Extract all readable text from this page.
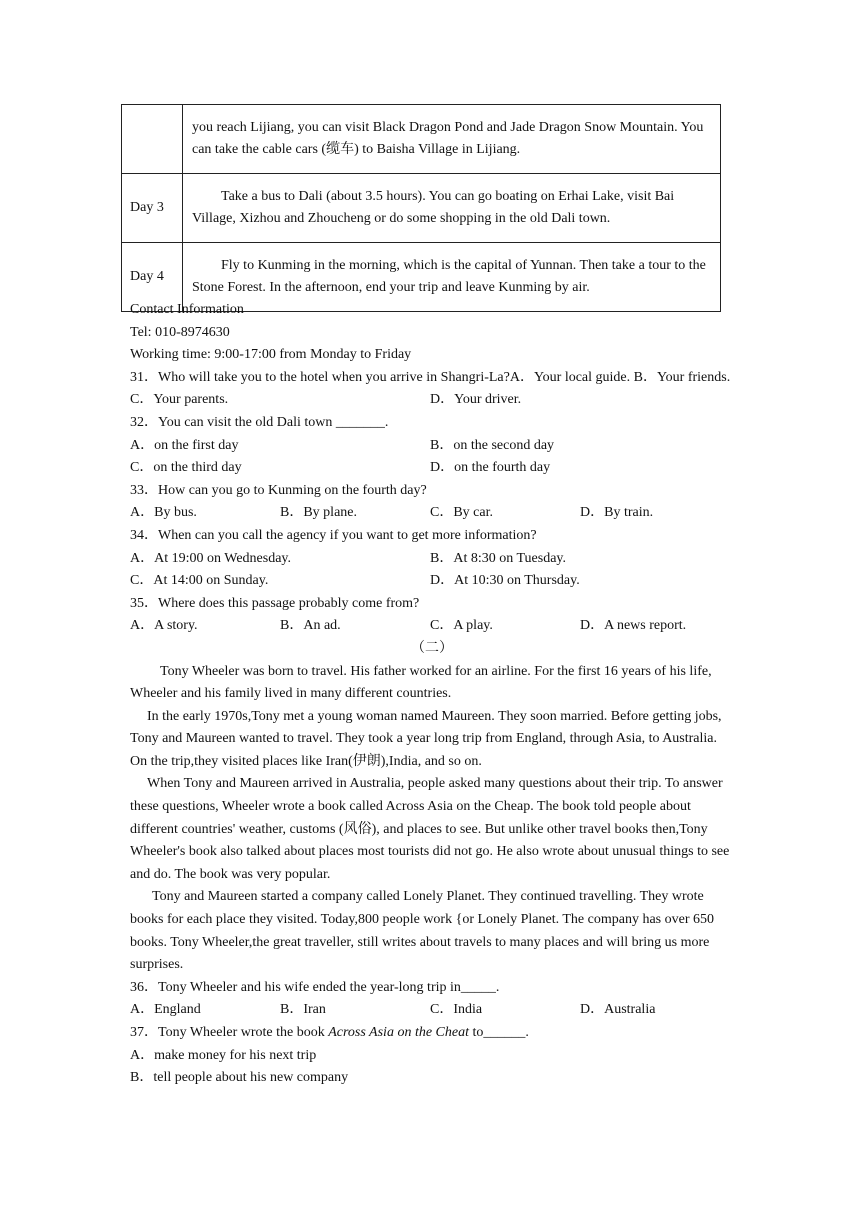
	you reach Lijiang, you can visit Black Dragon Pond and Jade Dragon Snow Mountain. You can take the cable cars (缆车) to Baisha Village in Lijiang.
Day 3	Take a bus to Dali (about 3.5 hours). You can go boating on Erhai Lake, visit Bai Village, Xizhou and Zhoucheng or do some shopping in the old Dali town.
Day 4	Fly to Kunming in the morning, which is the capital of Yunnan. Then take a tour to the Stone Forest. In the afternoon, end your trip and leave Kunming by air.

Contact Information

Tel: 010-8974630

Working time: 9:00-17:00 from Monday to Friday

31．Who will take you to the hotel when you arrive in Shangri-La?A．Your local guide. B．Your friends.

C．Your parents.	D．Your driver.

32．You can visit the old Dali town _______.

A．on the first day	B．on the second day
C．on the third day	D．on the fourth day

33．How can you go to Kunming on the fourth day?

A．By bus.	B．By plane.	C．By car.	D．By train.

34．When can you call the agency if you want to get more information?

A．At 19:00 on Wednesday.	B．At 8:30 on Tuesday.
C．At 14:00 on Sunday.	D．At 10:30 on Thursday.

35．Where does this passage probably come from?

A．A story.	B．An ad.	C．A play.	D．A news report.

（二）

Tony Wheeler was born to travel. His father worked for an airline. For the first 16 years of his life, Wheeler and his family lived in many different countries.

In the early 1970s,Tony met a young woman named Maureen. They soon married. Before getting jobs, Tony and Maureen wanted to travel. They took a year long trip from England, through Asia, to Australia. On the trip,they visited places like Iran(伊朗),India, and so on.

When Tony and Maureen arrived in Australia, people asked many questions about their trip. To answer these questions, Wheeler wrote a book called Across Asia on the Cheap. The book told people about different countries' weather, customs (风俗), and places to see. But unlike other travel books then,Tony Wheeler's book also talked about places most tourists did not go. He also wrote about unusual things to see and do. The book was very popular.

Tony and Maureen started a company called Lonely Planet. They continued travelling. They wrote books for each place they visited. Today,800 people work {or Lonely Planet. The company has over 650 books. Tony Wheeler,the great traveller, still writes about travels to many places and will bring us more surprises.

36．Tony Wheeler and his wife ended the year-long trip in_____.

A．England	B．Iran	C．India	D．Australia

37．Tony Wheeler wrote the book Across Asia on the Cheat to______.

A．make money for his next trip

B．tell people about his new company
